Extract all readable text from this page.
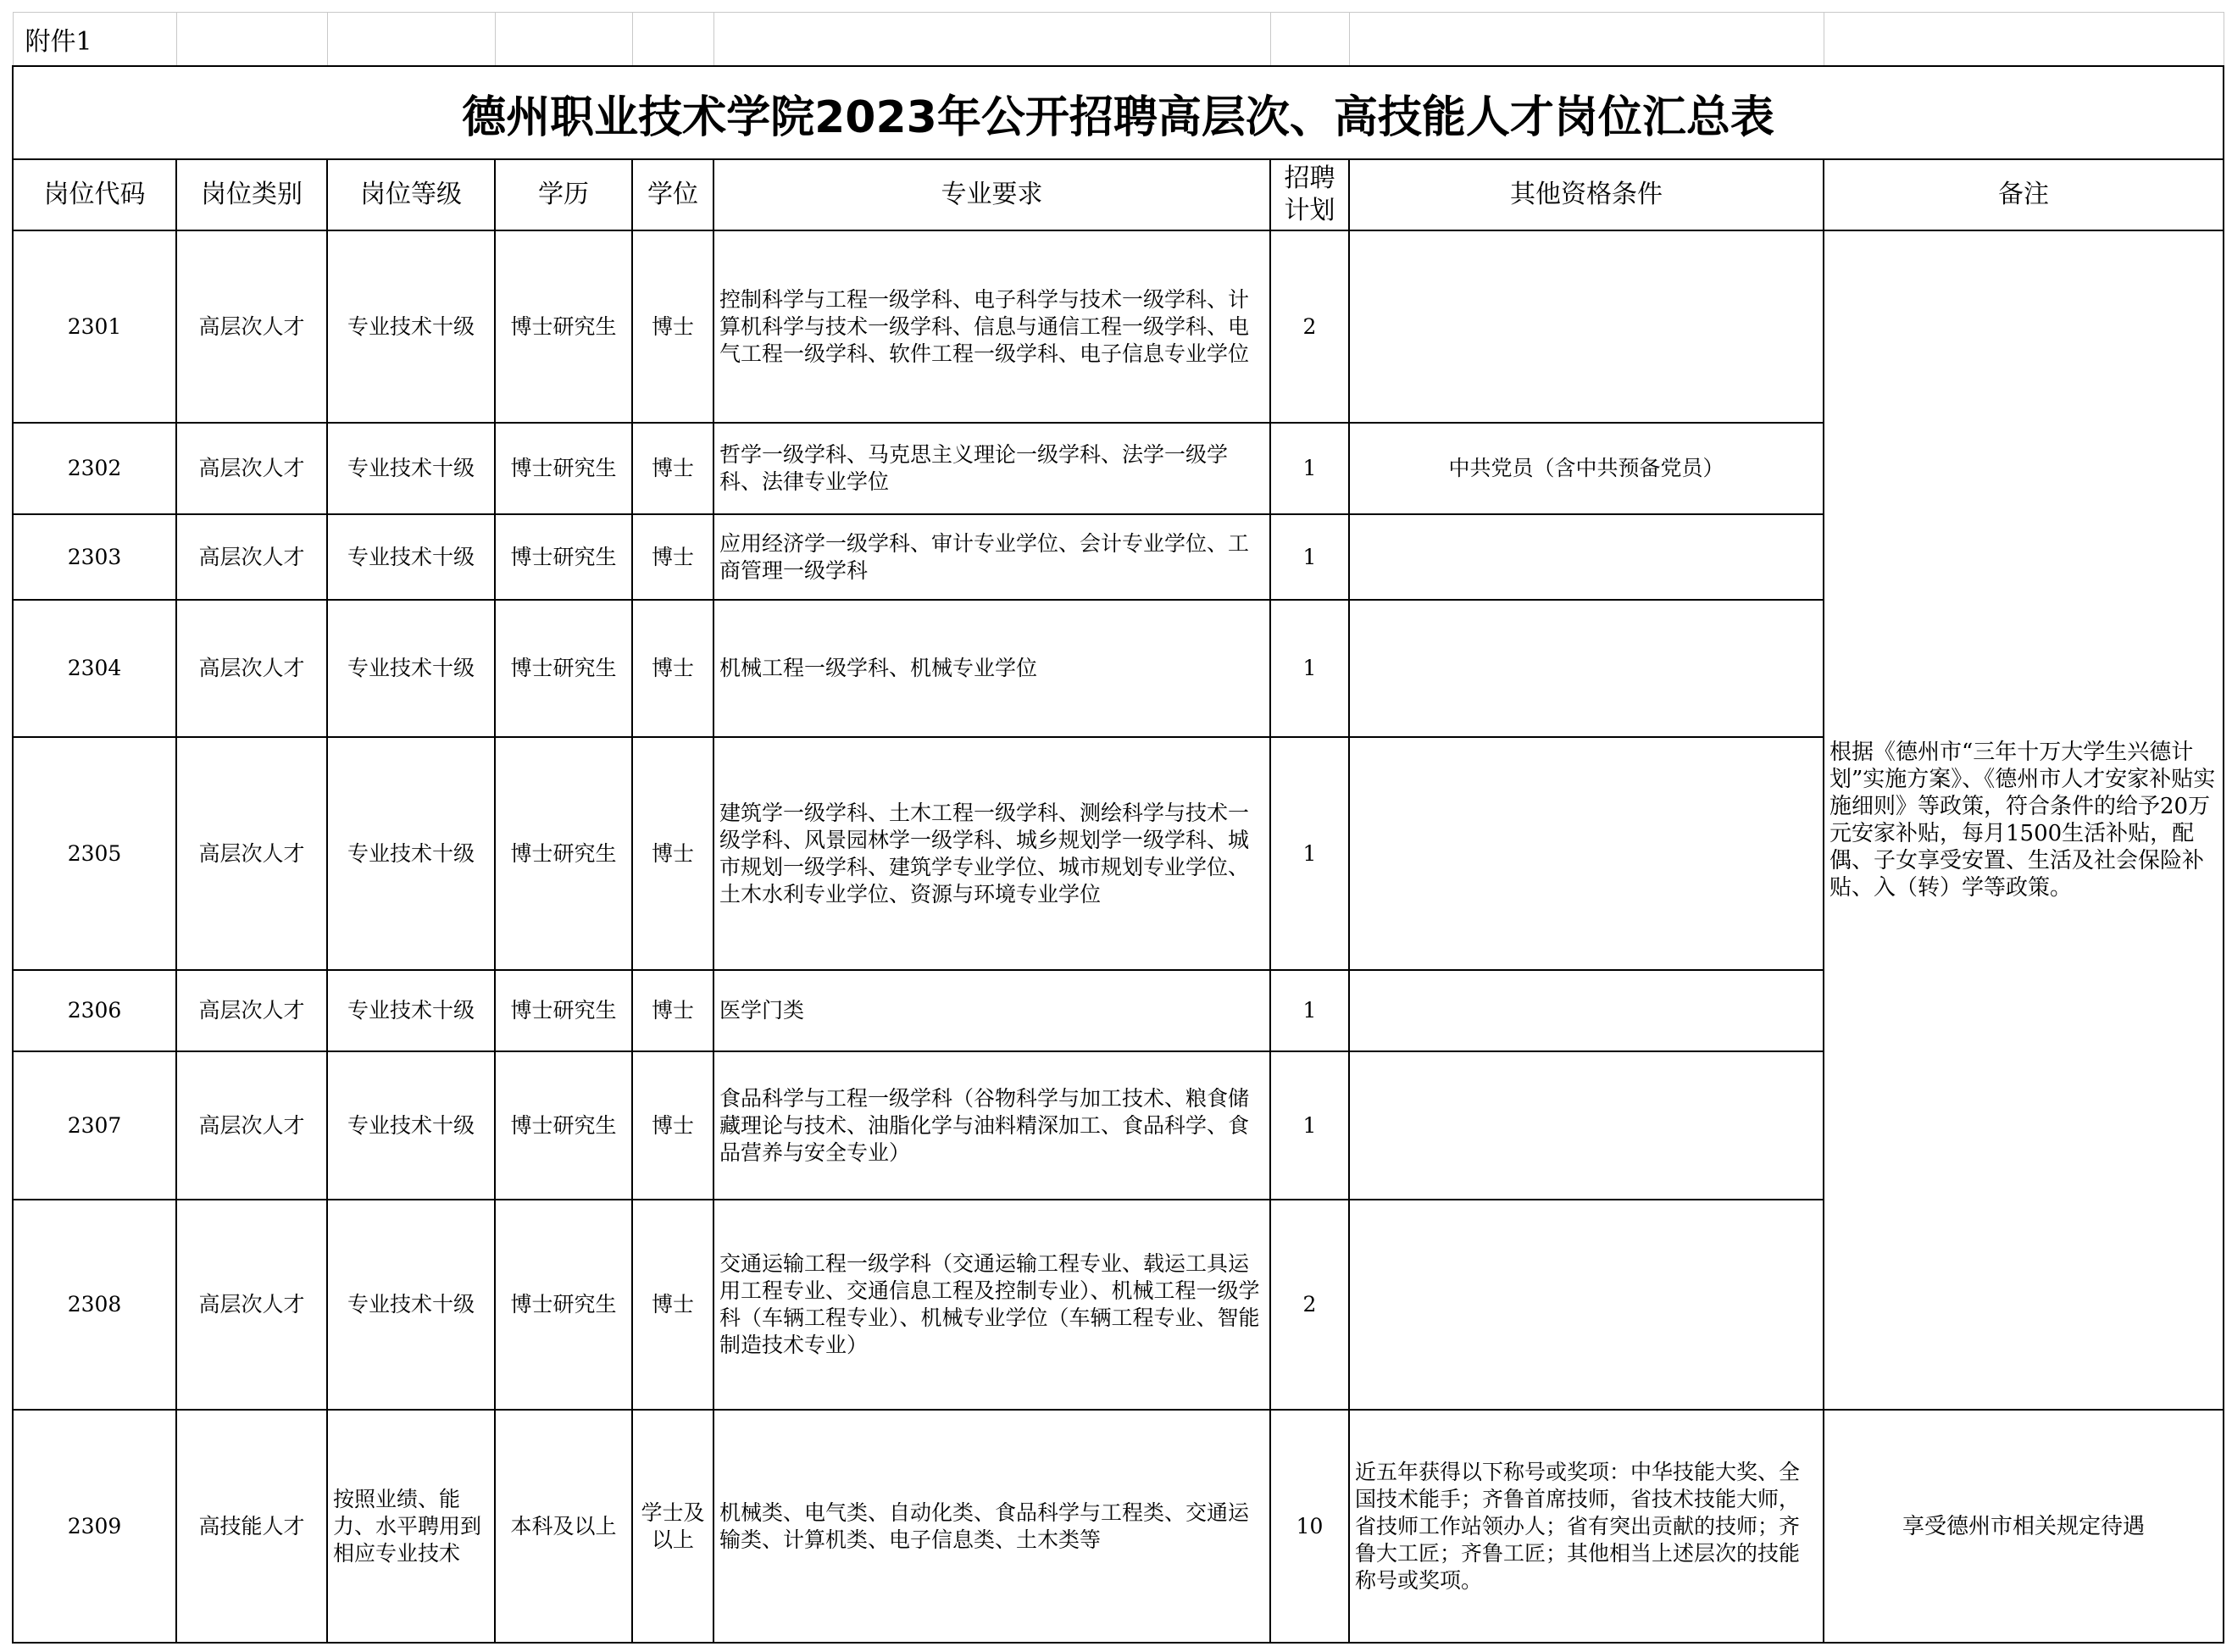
附件1								
德州职业技术学院2023年公开招聘高层次、高技能人才岗位汇总表								
岗位代码	岗位类别	岗位等级	学历	学位	专业要求	招聘计划	其他资格条件	备注
2301	高层次人才	专业技术十级	博士研究生	博士	控制科学与工程一级学科、电子科学与技术一级学科、计算机科学与技术一级学科、信息与通信工程一级学科、电气工程一级学科、软件工程一级学科、电子信息专业学位	2		根据《德州市“三年十万大学生兴德计划”实施方案》、《德州市人才安家补贴实施细则》等政策，符合条件的给予20万元安家补贴，每月1500生活补贴，配偶、子女享受安置、生活及社会保险补贴、入（转）学等政策。
2302	高层次人才	专业技术十级	博士研究生	博士	哲学一级学科、马克思主义理论一级学科、法学一级学科、法律专业学位	1	中共党员（含中共预备党员）	
2303	高层次人才	专业技术十级	博士研究生	博士	应用经济学一级学科、审计专业学位、会计专业学位、工商管理一级学科	1		
2304	高层次人才	专业技术十级	博士研究生	博士	机械工程一级学科、机械专业学位	1		
2305	高层次人才	专业技术十级	博士研究生	博士	建筑学一级学科、土木工程一级学科、测绘科学与技术一级学科、风景园林学一级学科、城乡规划学一级学科、城市规划一级学科、建筑学专业学位、城市规划专业学位、土木水利专业学位、资源与环境专业学位	1		
2306	高层次人才	专业技术十级	博士研究生	博士	医学门类	1		
2307	高层次人才	专业技术十级	博士研究生	博士	食品科学与工程一级学科（谷物科学与加工技术、粮食储藏理论与技术、油脂化学与油料精深加工、食品科学、食品营养与安全专业）	1		
2308	高层次人才	专业技术十级	博士研究生	博士	交通运输工程一级学科（交通运输工程专业、载运工具运用工程专业、交通信息工程及控制专业）、机械工程一级学科（车辆工程专业）、机械专业学位（车辆工程专业、智能制造技术专业）	2		
2309	高技能人才	按照业绩、能力、水平聘用到相应专业技术	本科及以上	学士及以上	机械类、电气类、自动化类、食品科学与工程类、交通运输类、计算机类、电子信息类、土木类等	10	近五年获得以下称号或奖项：中华技能大奖、全国技术能手；齐鲁首席技师，省技术技能大师，省技师工作站领办人；省有突出贡献的技师；齐鲁大工匠；齐鲁工匠；其他相当上述层次的技能称号或奖项。	享受德州市相关规定待遇
